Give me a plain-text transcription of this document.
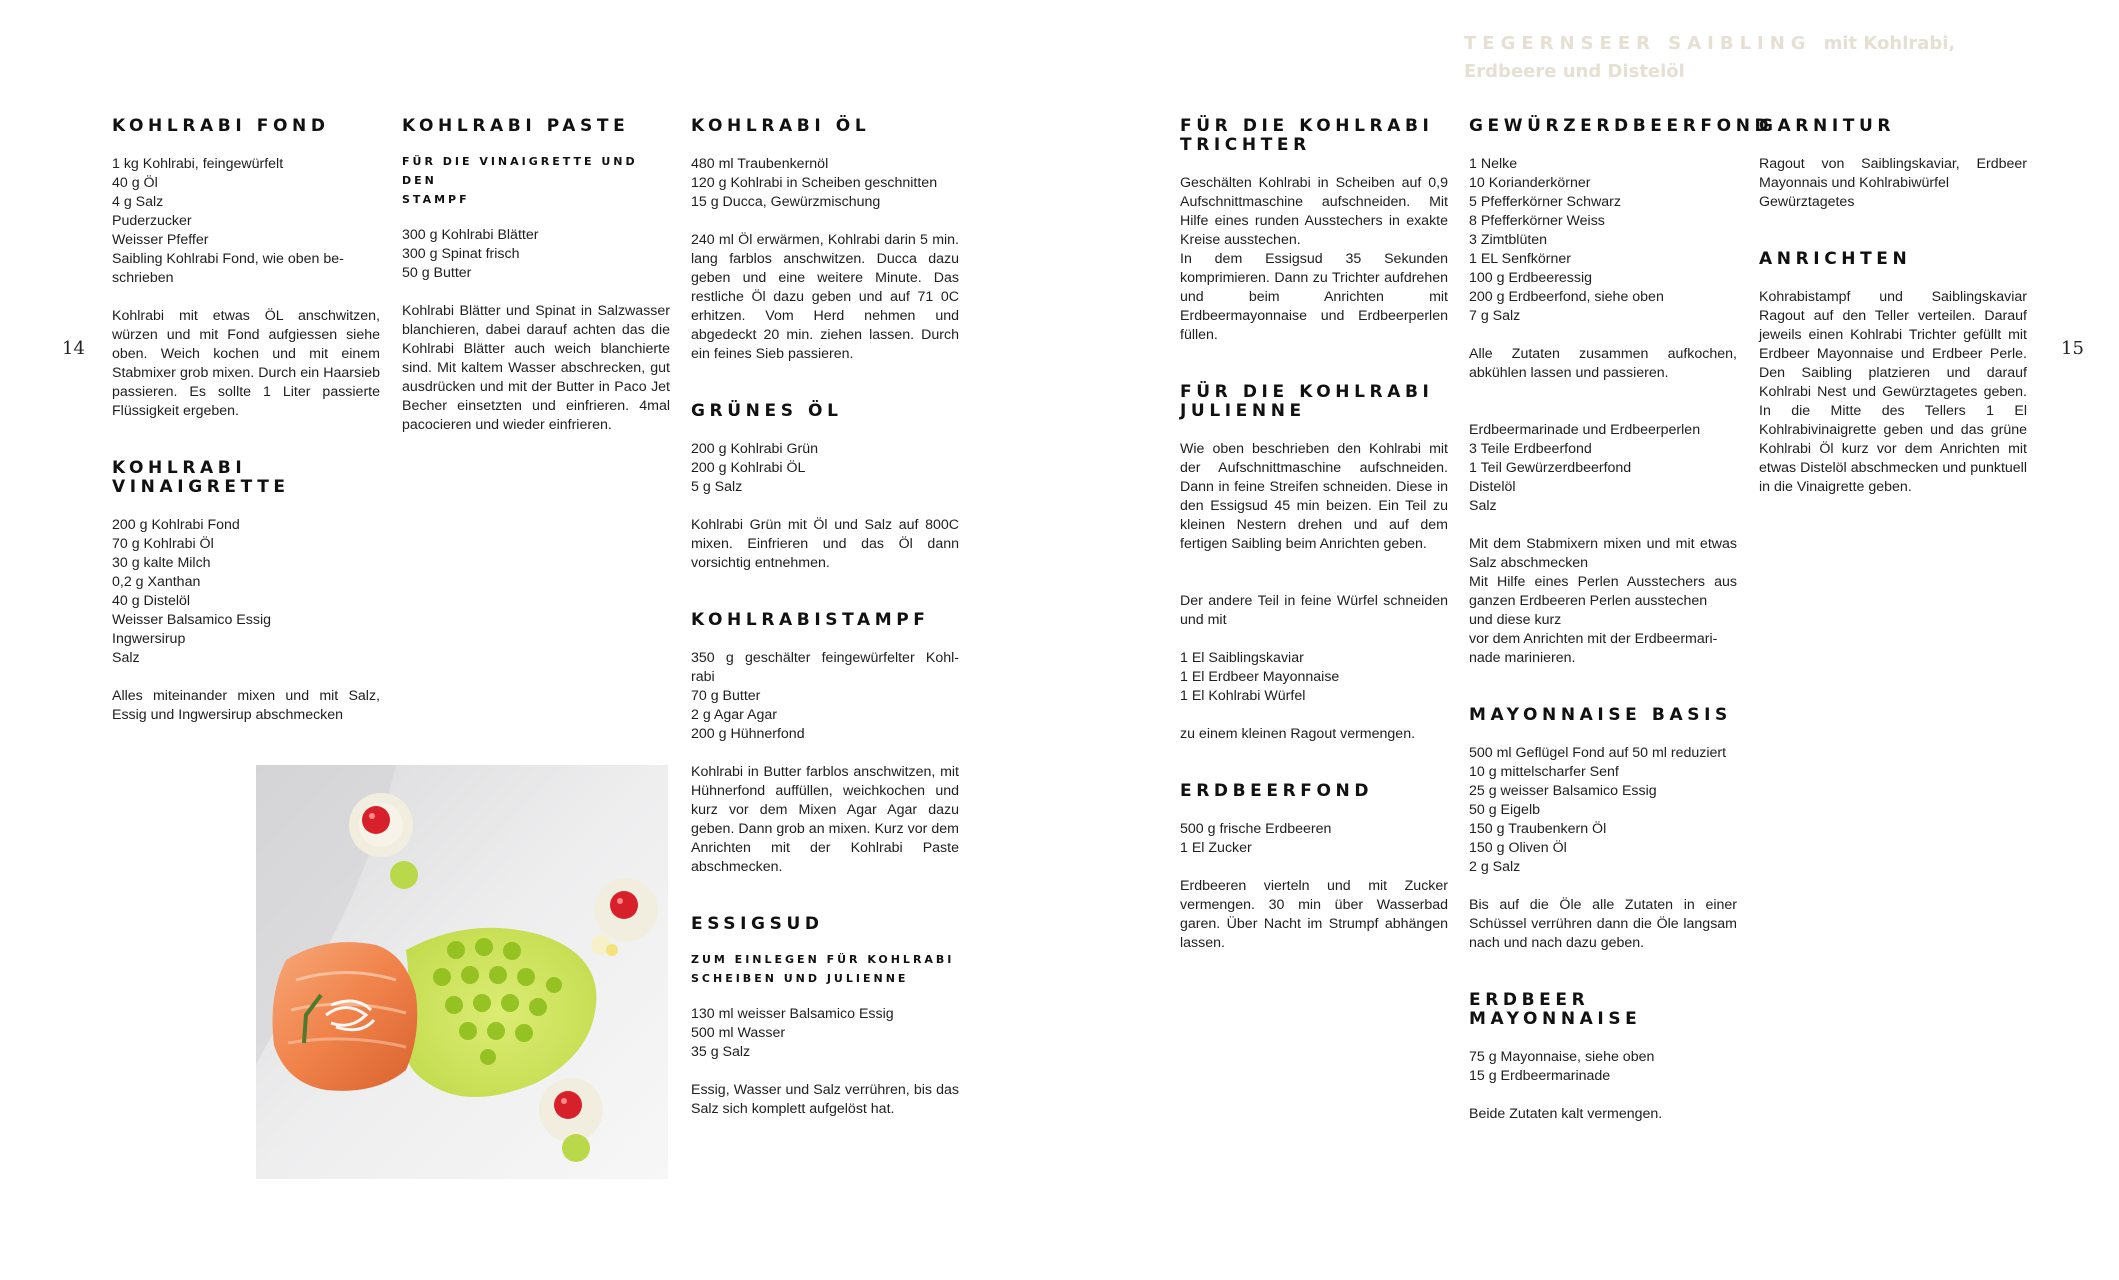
TEGERNSEER SAIBLING mit Kohlrabi, Erdbeere und Distelöl
14	15
KOHLRABI FOND
1 kg Kohlrabi, feingewürfelt
40 g Öl
4 g Salz
Puderzucker
Weisser Pfeffer
Saibling Kohlrabi Fond, wie oben be-
schrieben

Kohlrabi mit etwas ÖL anschwitzen, würzen und mit Fond aufgiessen siehe oben. Weich kochen und mit einem Stabmixer grob mixen. Durch ein Haarsieb passieren. Es sollte 1 Liter passierte Flüssigkeit ergeben.

KOHLRABI
VINAIGRETTE
200 g Kohlrabi Fond
70 g Kohlrabi Öl
30 g kalte Milch
0,2 g Xanthan
40 g Distelöl
Weisser Balsamico Essig
Ingwersirup
Salz

Alles miteinander mixen und mit Salz, Essig und Ingwersirup abschmecken

KOHLRABI PASTE
FÜR DIE VINAIGRETTE UND DEN
STAMPF
300 g Kohlrabi Blätter
300 g Spinat frisch
50 g Butter

Kohlrabi Blätter und Spinat in Salzwasser blanchieren, dabei darauf achten das die Kohlrabi Blätter auch weich blanchierte sind. Mit kaltem Wasser abschrecken, gut ausdrücken und mit der Butter in Paco Jet Becher einsetzten und einfrieren. 4mal pacocieren und wieder einfrieren.

KOHLRABI ÖL
480 ml Traubenkernöl
120 g Kohlrabi in Scheiben geschnitten
15 g Ducca, Gewürzmischung

240 ml Öl erwärmen, Kohlrabi darin 5 min. lang farblos anschwitzen. Ducca dazu geben und eine weitere Minute. Das restliche Öl dazu geben und auf 71 0C erhitzen. Vom Herd nehmen und abgedeckt 20 min. ziehen lassen. Durch ein feines Sieb passieren.

GRÜNES ÖL
200 g Kohlrabi Grün
200 g Kohlrabi ÖL
5 g Salz

Kohlrabi Grün mit Öl und Salz auf 800C mixen. Einfrieren und das Öl dann vorsichtig entnehmen.

KOHLRABISTAMPF

350 g geschälter feingewürfelter Kohl-

rabi
70 g Butter
2 g Agar Agar
200 g Hühnerfond

Kohlrabi in Butter farblos anschwitzen, mit Hühnerfond auffüllen, weichkochen und kurz vor dem Mixen Agar Agar dazu geben. Dann grob an mixen. Kurz vor dem Anrichten mit der Kohlrabi Paste abschmecken.

ESSIGSUD
ZUM EINLEGEN FÜR KOHLRABI
SCHEIBEN UND JULIENNE
130 ml weisser Balsamico Essig
500 ml Wasser
35 g Salz

Essig, Wasser und Salz verrühren, bis das Salz sich komplett aufgelöst hat.

FÜR DIE KOHLRABI
TRICHTER

Geschälten Kohlrabi in Scheiben auf 0,9 Aufschnittmaschine aufschneiden. Mit Hilfe eines runden Ausstechers in exakte Kreise ausstechen.

In dem Essigsud 35 Sekunden komprimieren. Dann zu Trichter aufdrehen und beim Anrichten mit Erdbeermayonnaise und Erdbeerperlen füllen.

FÜR DIE KOHLRABI
JULIENNE

Wie oben beschrieben den Kohlrabi mit der Aufschnittmaschine aufschneiden. Dann in feine Streifen schneiden. Diese in den Essigsud 45 min beizen. Ein Teil zu kleinen Nestern drehen und auf dem fertigen Saibling beim Anrichten geben.

Der andere Teil in feine Würfel schneiden und mit

1 El Saiblingskaviar
1 El Erdbeer Mayonnaise
1 El Kohlrabi Würfel

zu einem kleinen Ragout vermengen.

ERDBEERFOND
500 g frische Erdbeeren
1 El Zucker

Erdbeeren vierteln und mit Zucker vermengen. 30 min über Wasserbad garen. Über Nacht im Strumpf abhängen lassen.

GEWÜRZERDBEERFOND
1 Nelke
10 Korianderkörner
5 Pfefferkörner Schwarz
8 Pfefferkörner Weiss
3 Zimtblüten
1 EL Senfkörner
100 g Erdbeeressig
200 g Erdbeerfond, siehe oben
7 g Salz

Alle Zutaten zusammen aufkochen, abkühlen lassen und passieren.

Erdbeermarinade und Erdbeerperlen
3 Teile Erdbeerfond
1 Teil Gewürzerdbeerfond
Distelöl
Salz

Mit dem Stabmixern mixen und mit etwas Salz abschmecken

Mit Hilfe eines Perlen Ausstechers aus ganzen Erdbeeren Perlen ausstechen

und diese kurz
vor dem Anrichten mit der Erdbeermari-
nade marinieren.
MAYONNAISE BASIS
500 ml Geflügel Fond auf 50 ml reduziert
10 g mittelscharfer Senf
25 g weisser Balsamico Essig
50 g Eigelb
150 g Traubenkern Öl
150 g Oliven Öl
2 g Salz

Bis auf die Öle alle Zutaten in einer Schüssel verrühren dann die Öle langsam nach und nach dazu geben.

ERDBEER MAYONNAISE
75 g Mayonnaise, siehe oben
15 g Erdbeermarinade

Beide Zutaten kalt vermengen.

GARNITUR

Ragout von Saiblingskaviar, Erdbeer Mayonnais und Kohlrabiwürfel

Gewürztagetes
ANRICHTEN

Kohrabistampf und Saiblingskaviar Ragout auf den Teller verteilen. Darauf jeweils einen Kohlrabi Trichter gefüllt mit Erdbeer Mayonnaise und Erdbeer Perle. Den Saibling platzieren und darauf Kohlrabi Nest und Gewürztagetes geben. In die Mitte des Tellers 1 El Kohlrabivinaigrette geben und das grüne Kohlrabi Öl kurz vor dem Anrichten mit etwas Distelöl abschmecken und punktuell in die Vinaigrette geben.
